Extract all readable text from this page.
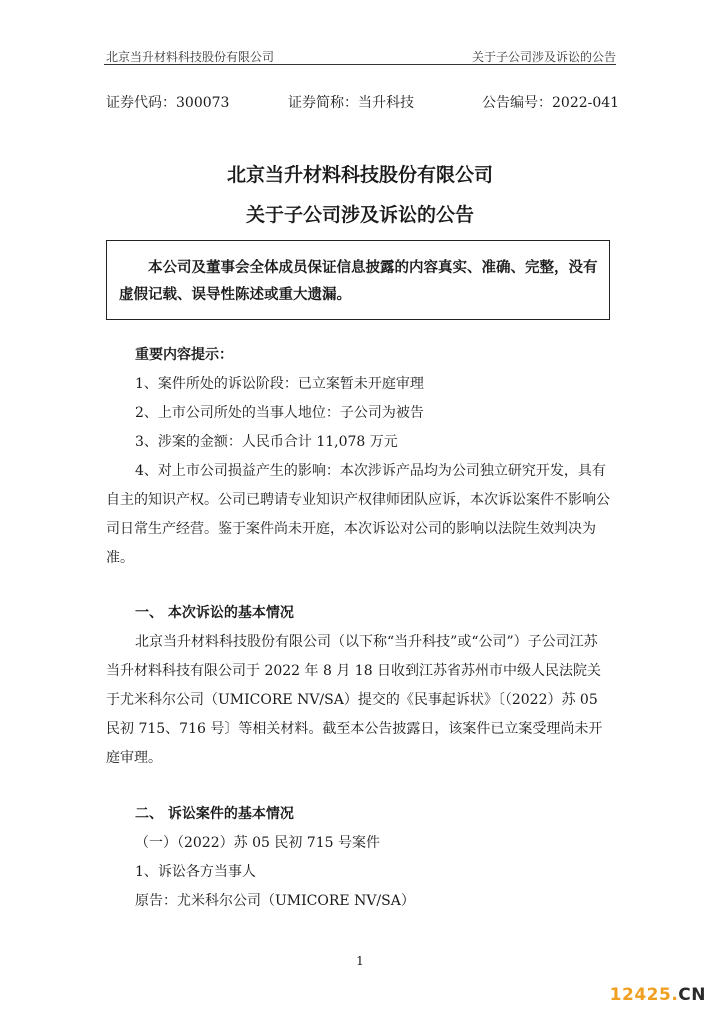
北京当升材料科技股份有限公司	关于子公司涉及诉讼的公告
证券代码：300073	证券简称：当升科技	公告编号：2022-041
北京当升材料科技股份有限公司
关于子公司涉及诉讼的公告

本公司及董事会全体成员保证信息披露的内容真实、准确、完整，没有虚假记载、误导性陈述或重大遗漏。

重要内容提示：

1、案件所处的诉讼阶段：已立案暂未开庭审理

2、上市公司所处的当事人地位：子公司为被告

3、涉案的金额：人民币合计 11,078 万元

4、对上市公司损益产生的影响：本次涉诉产品均为公司独立研究开发，具有自主的知识产权。公司已聘请专业知识产权律师团队应诉，本次诉讼案件不影响公司日常生产经营。鉴于案件尚未开庭，本次诉讼对公司的影响以法院生效判决为准。

一、 本次诉讼的基本情况

北京当升材料科技股份有限公司（以下称“当升科技”或“公司”）子公司江苏当升材料科技有限公司于 2022 年 8 月 18 日收到江苏省苏州市中级人民法院关于尤米科尔公司（UMICORE NV/SA）提交的《民事起诉状》〔（2022）苏 05 民初 715、716 号〕等相关材料。截至本公告披露日，该案件已立案受理尚未开庭审理。

二、 诉讼案件的基本情况

（一）（2022）苏 05 民初 715 号案件

1、诉讼各方当事人

原告：尤米科尔公司（UMICORE NV/SA）

1
12425.CN
